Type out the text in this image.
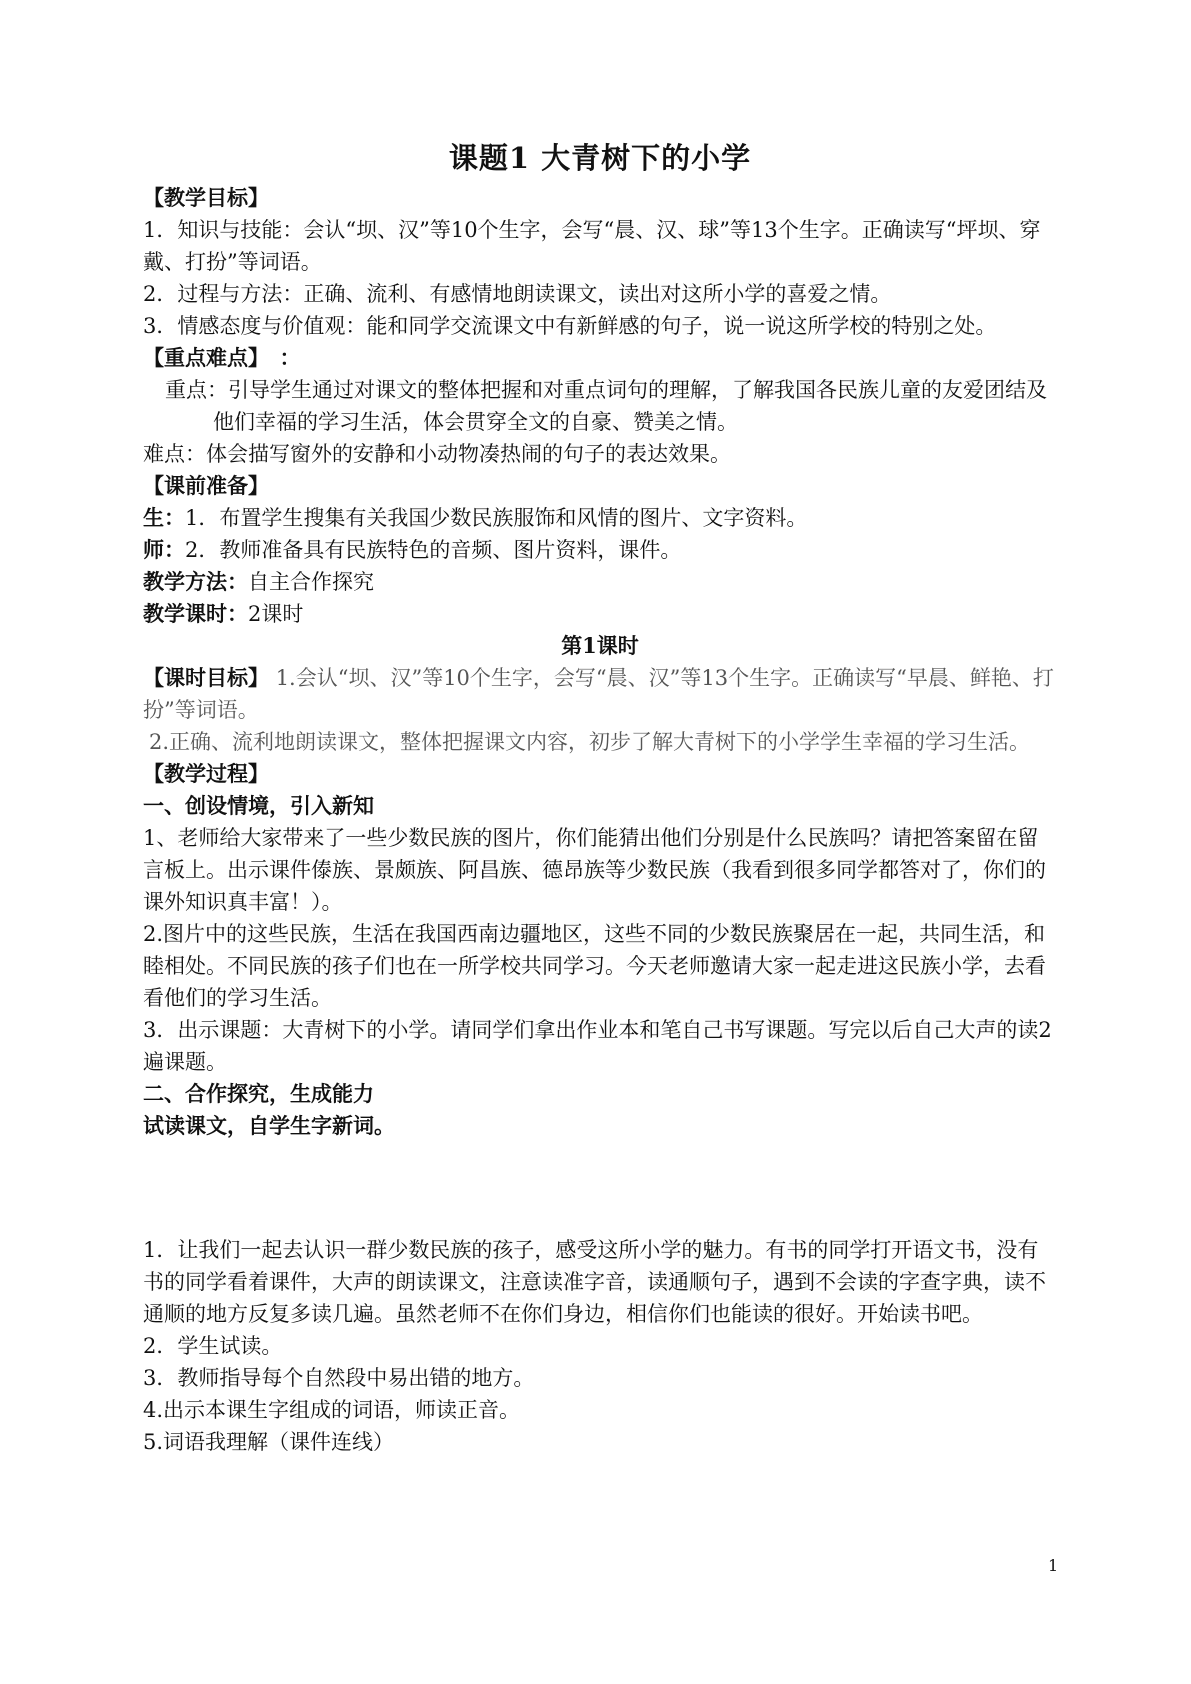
课题1 大青树下的小学

【教学目标】

1．知识与技能：会认“坝、汉”等10个生字，会写“晨、汉、球”等13个生字。正确读写“坪坝、穿戴、打扮”等词语。

2．过程与方法：正确、流利、有感情地朗读课文，读出对这所小学的喜爱之情。

3．情感态度与价值观：能和同学交流课文中有新鲜感的句子，说一说这所学校的特别之处。

【重点难点】　：

重点：引导学生通过对课文的整体把握和对重点词句的理解，了解我国各民族儿童的友爱团结及他们幸福的学习生活，体会贯穿全文的自豪、赞美之情。

难点：体会描写窗外的安静和小动物凑热闹的句子的表达效果。

【课前准备】

生：1．布置学生搜集有关我国少数民族服饰和风情的图片、文字资料。

师：2．教师准备具有民族特色的音频、图片资料，课件。

教学方法：自主合作探究

教学课时：2课时

第1课时

【课时目标】 1.会认“坝、汉”等10个生字，会写“晨、汉”等13个生字。正确读写“早晨、鲜艳、打扮”等词语。

2.正确、流利地朗读课文，整体把握课文内容，初步了解大青树下的小学学生幸福的学习生活。

【教学过程】

一、创设情境，引入新知

1、老师给大家带来了一些少数民族的图片，你们能猜出他们分别是什么民族吗？请把答案留在留言板上。出示课件傣族、景颇族、阿昌族、德昂族等少数民族（我看到很多同学都答对了，你们的课外知识真丰富！）。

2.图片中的这些民族，生活在我国西南边疆地区，这些不同的少数民族聚居在一起，共同生活，和睦相处。不同民族的孩子们也在一所学校共同学习。今天老师邀请大家一起走进这民族小学，去看看他们的学习生活。

3．出示课题：大青树下的小学。请同学们拿出作业本和笔自己书写课题。写完以后自己大声的读2遍课题。

二、合作探究，生成能力

试读课文，自学生字新词。

1．让我们一起去认识一群少数民族的孩子，感受这所小学的魅力。有书的同学打开语文书，没有书的同学看着课件，大声的朗读课文，注意读准字音，读通顺句子，遇到不会读的字查字典，读不通顺的地方反复多读几遍。虽然老师不在你们身边，相信你们也能读的很好。开始读书吧。

2．学生试读。

3．教师指导每个自然段中易出错的地方。

4.出示本课生字组成的词语，师读正音。

5.词语我理解（课件连线）

1
